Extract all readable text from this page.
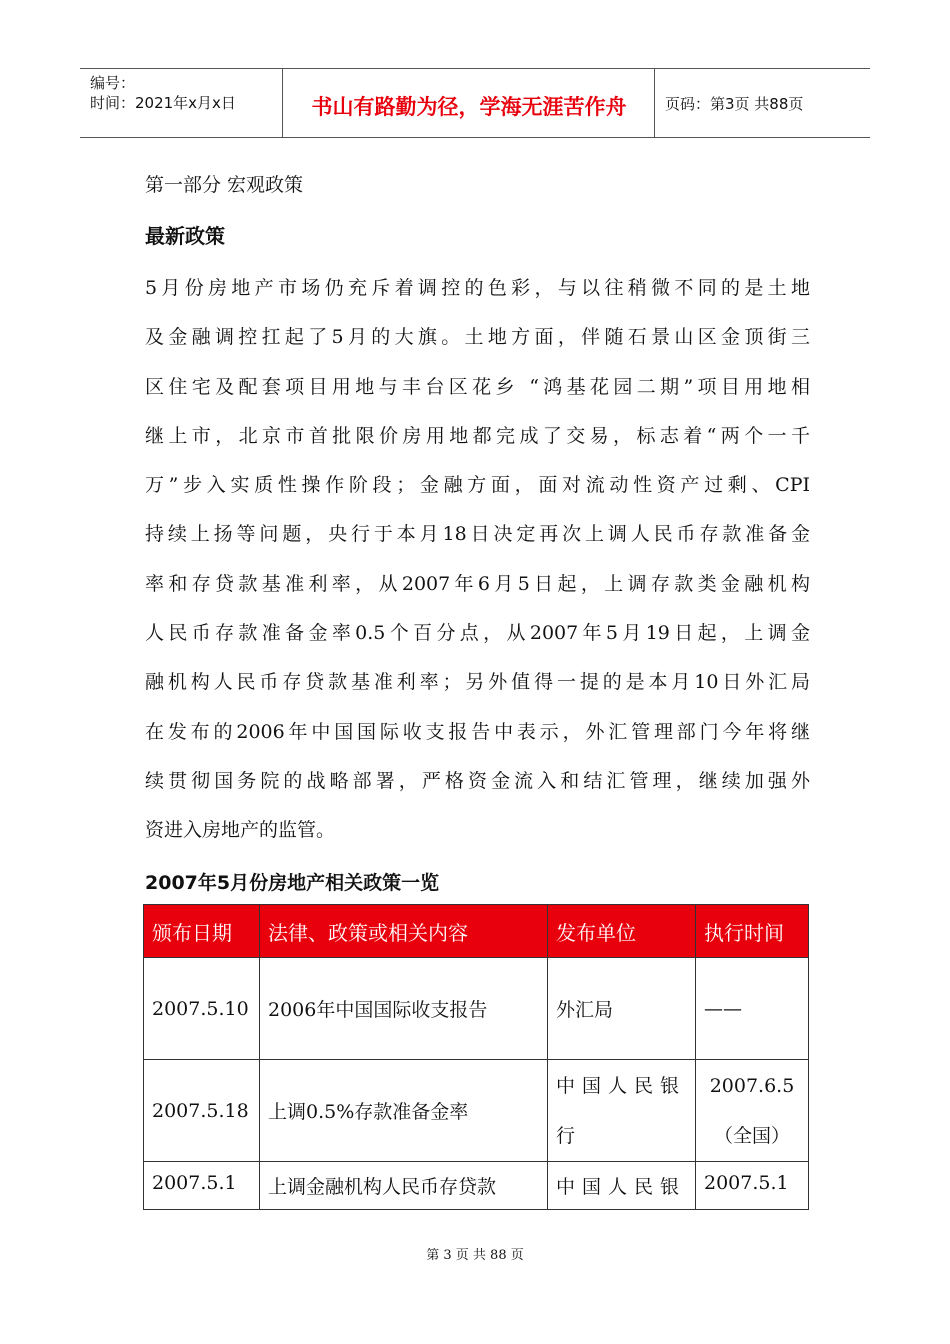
编号：
时间：2021年x月x日	书山有路勤为径，学海无涯苦作舟	页码：第3页 共88页
第一部分 宏观政策
最新政策
5月份房地产市场仍充斥着调控的色彩，与以往稍微不同的是土地
及金融调控扛起了5月的大旗。土地方面，伴随石景山区金顶街三
区住宅及配套项目用地与丰台区花乡 “鸿基花园二期”项目用地相
继上市，北京市首批限价房用地都完成了交易，标志着“两个一千
万”步入实质性操作阶段；金融方面，面对流动性资产过剩、CPI
持续上扬等问题，央行于本月18日决定再次上调人民币存款准备金
率和存贷款基准利率，从2007年6月5日起，上调存款类金融机构
人民币存款准备金率0.5个百分点，从2007年5月19日起，上调金
融机构人民币存贷款基准利率；另外值得一提的是本月10日外汇局
在发布的2006年中国国际收支报告中表示，外汇管理部门今年将继
续贯彻国务院的战略部署，严格资金流入和结汇管理，继续加强外
资进入房地产的监管。
2007年5月份房地产相关政策一览
颁布日期	法律、政策或相关内容	发布单位	执行时间
2007.5.10	2006年中国国际收支报告	外汇局	——
2007.5.18	上调0.5%存款准备金率	中国人民银行	2007.6.5（全国）
2007.5.1	上调金融机构人民币存贷款	中国人民银	2007.5.1
第 3 页 共 88 页
